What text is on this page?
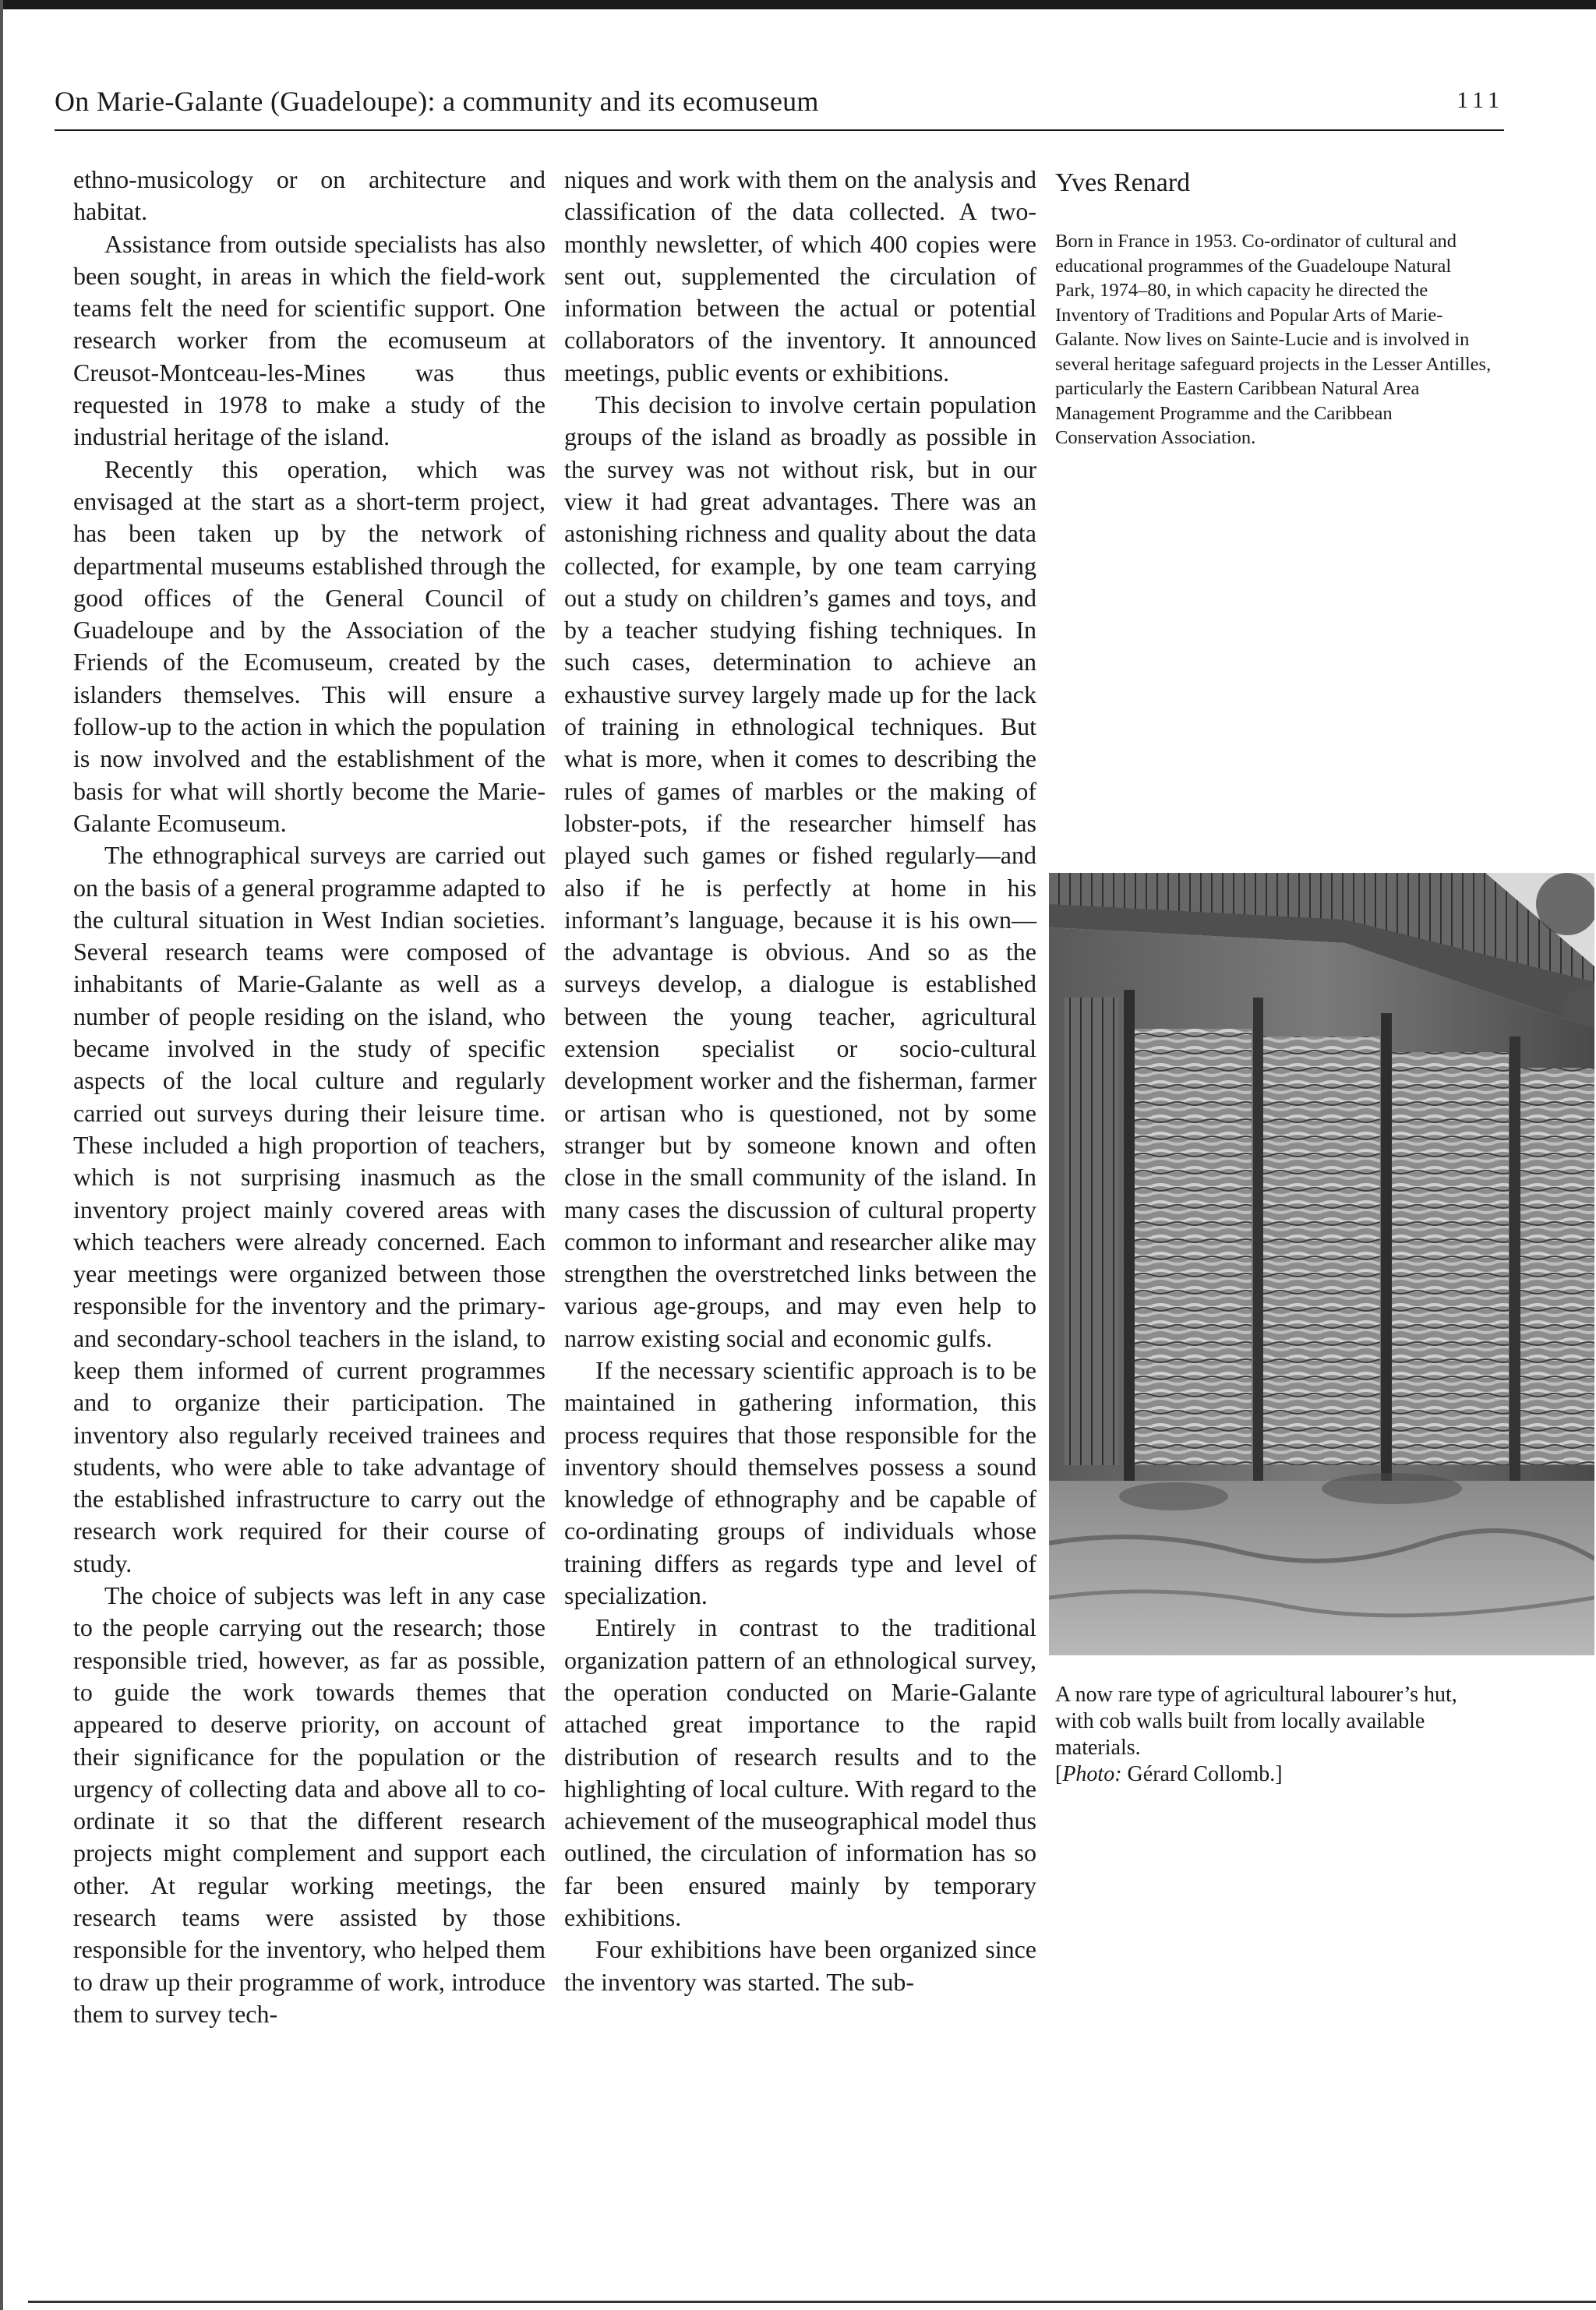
On Marie-Galante (Guadeloupe): a community and its ecomuseum	111

ethno-musicology or on architecture and habitat.

Assistance from outside specialists has also been sought, in areas in which the field-work teams felt the need for scientific support. One research worker from the ecomuseum at Creusot-Montceau-les-Mines was thus requested in 1978 to make a study of the industrial heritage of the island.

Recently this operation, which was envisaged at the start as a short-term project, has been taken up by the network of departmental museums established through the good offices of the General Council of Guadeloupe and by the Association of the Friends of the Ecomuseum, created by the islanders themselves. This will ensure a follow-up to the action in which the population is now involved and the establishment of the basis for what will shortly become the Marie-Galante Ecomuseum.

The ethnographical surveys are carried out on the basis of a general programme adapted to the cultural situation in West Indian societies. Several research teams were composed of inhabitants of Marie-Galante as well as a number of people residing on the island, who became involved in the study of specific aspects of the local culture and regularly carried out surveys during their leisure time. These included a high proportion of teachers, which is not surprising inasmuch as the inventory project mainly covered areas with which teachers were already concerned. Each year meetings were organized between those responsible for the inventory and the primary- and secondary-school teachers in the island, to keep them informed of current programmes and to organize their participation. The inventory also regularly received trainees and students, who were able to take advantage of the established infrastructure to carry out the research work required for their course of study.

The choice of subjects was left in any case to the people carrying out the research; those responsible tried, however, as far as possible, to guide the work towards themes that appeared to deserve priority, on account of their significance for the population or the urgency of collecting data and above all to co-ordinate it so that the different research projects might complement and support each other. At regular working meetings, the research teams were assisted by those responsible for the inventory, who helped them to draw up their programme of work, introduce them to survey tech-

niques and work with them on the analysis and classification of the data collected. A two-monthly newsletter, of which 400 copies were sent out, supplemented the circulation of information between the actual or potential collaborators of the inventory. It announced meetings, public events or exhibitions.

This decision to involve certain population groups of the island as broadly as possible in the survey was not without risk, but in our view it had great advantages. There was an astonishing richness and quality about the data collected, for example, by one team carrying out a study on children’s games and toys, and by a teacher studying fishing techniques. In such cases, determination to achieve an exhaustive survey largely made up for the lack of training in ethnological techniques. But what is more, when it comes to describing the rules of games of marbles or the making of lobster-pots, if the researcher himself has played such games or fished regularly—and also if he is perfectly at home in his informant’s language, because it is his own—the advantage is obvious. And so as the surveys develop, a dialogue is established between the young teacher, agricultural extension specialist or socio-cultural development worker and the fisherman, farmer or artisan who is questioned, not by some stranger but by someone known and often close in the small community of the island. In many cases the discussion of cultural property common to informant and researcher alike may strengthen the overstretched links between the various age-groups, and may even help to narrow existing social and economic gulfs.

If the necessary scientific approach is to be maintained in gathering information, this process requires that those responsible for the inventory should themselves possess a sound knowledge of ethnography and be capable of co-ordinating groups of individuals whose training differs as regards type and level of specialization.

Entirely in contrast to the traditional organization pattern of an ethnological survey, the operation conducted on Marie-Galante attached great importance to the rapid distribution of research results and to the highlighting of local culture. With regard to the achievement of the museographical model thus outlined, the circulation of information has so far been ensured mainly by temporary exhibitions.

Four exhibitions have been organized since the inventory was started. The sub-

Yves Renard
Born in France in 1953. Co-ordinator of cultural and educational programmes of the Guadeloupe Natural Park, 1974–80, in which capacity he directed the Inventory of Traditions and Popular Arts of Marie-Galante. Now lives on Sainte-Lucie and is involved in several heritage safeguard projects in the Lesser Antilles, particularly the Eastern Caribbean Natural Area Management Programme and the Caribbean Conservation Association.
A now rare type of agricultural labourer’s hut, with cob walls built from locally available materials.
[Photo: Gérard Collomb.]
